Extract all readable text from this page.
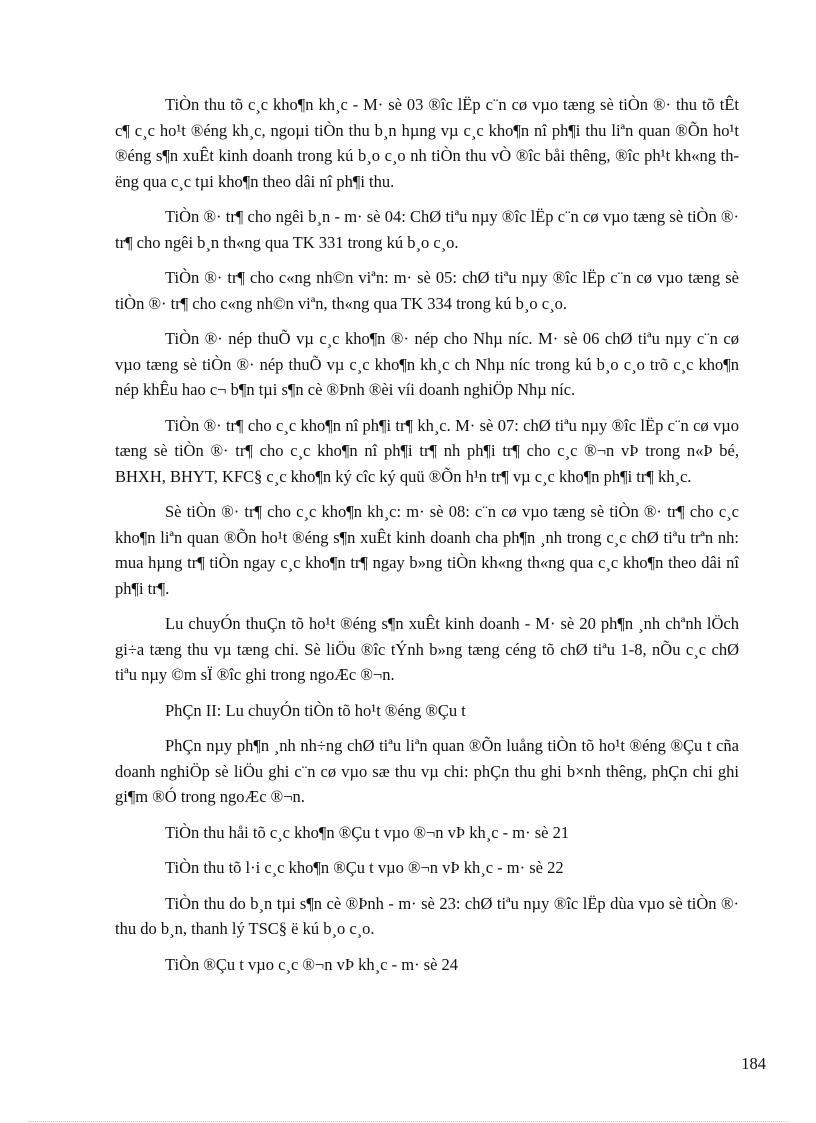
TiÒn thu tõ c¸c kho¶n kh¸c - M· sè 03 ®îc lËp c¨n cø vµo tæng sè tiÒn ®· thu tõ tÊt c¶ c¸c ho¹t ®éng kh¸c, ngoµi tiÒn thu b¸n hµng vµ c¸c kho¶n nî ph¶i thu liªn quan ®Õn ho¹t ®éng s¶n xuÊt kinh doanh trong kú b¸o c¸o nh tiÒn thu vÒ ®îc båi thêng, ®îc ph¹t kh«ng thëng qua c¸c tµi kho¶n theo dâi nî ph¶i thu.

TiÒn ®· tr¶ cho ngêi b¸n - m· sè 04: ChØ tiªu nµy ®îc lËp c¨n cø vµo tæng sè tiÒn ®· tr¶ cho ngêi b¸n th«ng qua TK 331 trong kú b¸o c¸o.

TiÒn ®· tr¶ cho c«ng nh©n viªn: m· sè 05: chØ tiªu nµy ®îc lËp c¨n cø vµo tæng sè tiÒn ®· tr¶ cho c«ng nh©n viªn, th«ng qua TK 334 trong kú b¸o c¸o.

TiÒn ®· nép thuÕ vµ c¸c kho¶n ®· nép cho Nhµ níc. M· sè 06 chØ tiªu nµy c¨n cø vµo tæng sè tiÒn ®· nép thuÕ vµ c¸c kho¶n kh¸c ch Nhµ níc trong kú b¸o c¸o trõ c¸c kho¶n nép khÊu hao c¬ b¶n tµi s¶n cè ®Þnh ®èi víi doanh nghiÖp Nhµ níc.

TiÒn ®· tr¶ cho c¸c kho¶n nî ph¶i tr¶ kh¸c. M· sè 07: chØ tiªu nµy ®îc lËp c¨n cø vµo tæng sè tiÒn ®· tr¶ cho c¸c kho¶n nî ph¶i tr¶ nh ph¶i tr¶ cho c¸c ®¬n vÞ trong n«Þ bé, BHXH, BHYT, KFC§ c¸c kho¶n ký cîc ký quü ®Õn h¹n tr¶ vµ c¸c kho¶n ph¶i tr¶ kh¸c.

Sè tiÒn ®· tr¶ cho c¸c kho¶n kh¸c: m· sè 08: c¨n cø vµo tæng sè tiÒn ®· tr¶ cho c¸c kho¶n liªn quan ®Õn ho¹t ®éng s¶n xuÊt kinh doanh cha ph¶n ¸nh trong c¸c chØ tiªu trªn nh: mua hµng tr¶ tiÒn ngay c¸c kho¶n tr¶ ngay b»ng tiÒn kh«ng th«ng qua c¸c kho¶n theo dâi nî ph¶i tr¶.

Lu chuyÓn thuÇn tõ ho¹t ®éng s¶n xuÊt kinh doanh - M· sè 20 ph¶n ¸nh chªnh lÖch gi÷a tæng thu vµ tæng chi. Sè liÖu ®îc tÝnh b»ng tæng céng tõ chØ tiªu 1-8, nÕu c¸c chØ tiªu nµy ©m sÏ ®îc ghi trong ngoÆc ®¬n.

PhÇn II: Lu chuyÓn tiÒn tõ ho¹t ®éng ®Çu t

PhÇn nµy ph¶n ¸nh nh÷ng chØ tiªu liªn quan ®Õn luång tiÒn tõ ho¹t ®éng ®Çu t cña doanh nghiÖp sè liÖu ghi c¨n cø vµo sæ thu vµ chi: phÇn thu ghi b×nh thêng, phÇn chi ghi gi¶m ®Ó trong ngoÆc ®¬n.

TiÒn thu håi tõ c¸c kho¶n ®Çu t vµo ®¬n vÞ kh¸c - m· sè 21

TiÒn thu tõ l·i c¸c kho¶n ®Çu t vµo ®¬n vÞ kh¸c - m· sè 22

TiÒn thu do b¸n tµi s¶n cè ®Þnh - m· sè 23: chØ tiªu nµy ®îc lËp dùa vµo sè tiÒn ®· thu do b¸n, thanh lý TSC§ ë kú b¸o c¸o.

TiÒn ®Çu t vµo c¸c ®¬n vÞ kh¸c - m· sè 24

184
